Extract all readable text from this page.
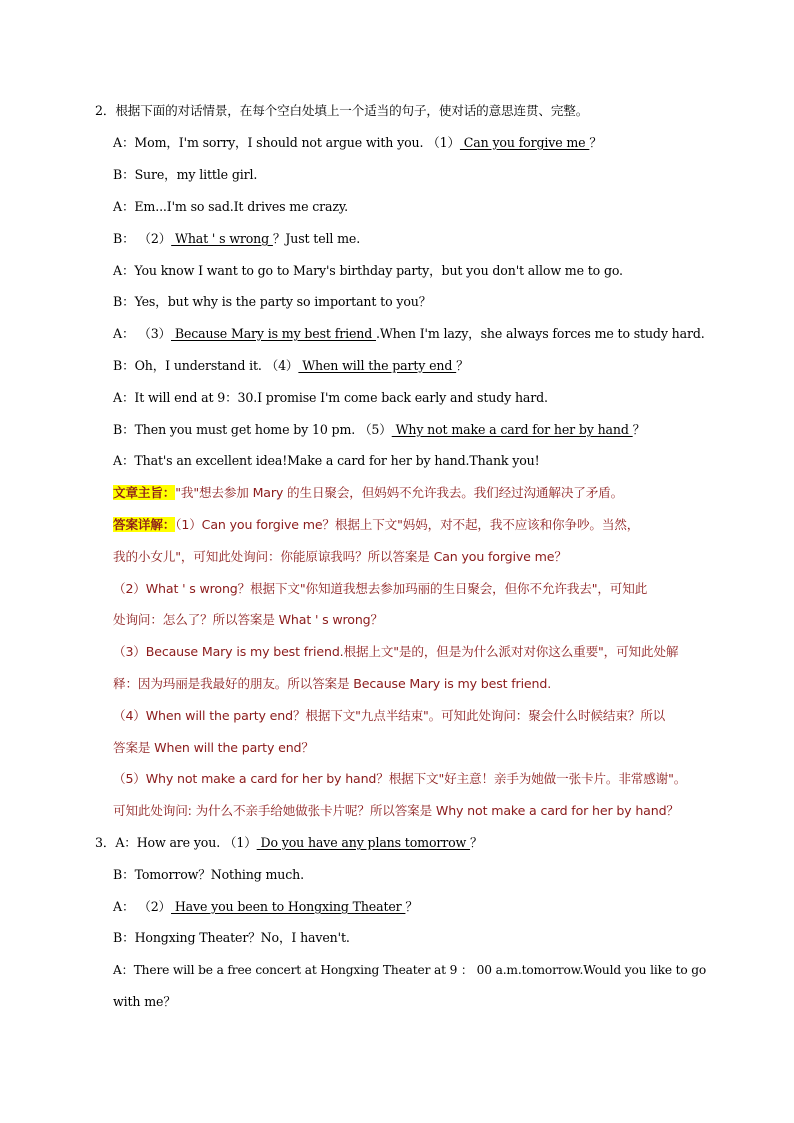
2．根据下面的对话情景，在每个空白处填上一个适当的句子，使对话的意思连贯、完整。
A：Mom，I'm sorry，I should not argue with you. （1） Can you forgive me ？
B：Sure，my little girl.
A：Em...I'm so sad.It drives me crazy.
B： （2） What ' s wrong ？Just tell me.
A：You know I want to go to Mary's birthday party，but you don't allow me to go.
B：Yes，but why is the party so important to you？
A： （3） Because Mary is my best friend .When I'm lazy，she always forces me to study hard.
B：Oh，I understand it. （4） When will the party end ？
A：It will end at 9：30.I promise I'm come back early and study hard.
B：Then you must get home by 10 pm. （5） Why not make a card for her by hand ？
A：That's an excellent idea!Make a card for her by hand.Thank you!
文章主旨："我"想去参加 Mary 的生日聚会，但妈妈不允许我去。我们经过沟通解决了矛盾。
答案详解：（1）Can you forgive me？根据上下文"妈妈，对不起，我不应该和你争吵。当然，
我的小女儿"，可知此处询问：你能原谅我吗？所以答案是 Can you forgive me？
（2）What ' s wrong？根据下文"你知道我想去参加玛丽的生日聚会，但你不允许我去"，可知此
处询问：怎么了？所以答案是 What ' s wrong？
（3）Because Mary is my best friend.根据上文"是的，但是为什么派对对你这么重要"，可知此处解
释：因为玛丽是我最好的朋友。所以答案是 Because Mary is my best friend.
（4）When will the party end？根据下文"九点半结束"。可知此处询问：聚会什么时候结束？所以
答案是 When will the party end？
（5）Why not make a card for her by hand？根据下文"好主意！亲手为她做一张卡片。非常感谢"。
可知此处询问: 为什么不亲手给她做张卡片呢？所以答案是 Why not make a card for her by hand？
3．A：How are you. （1） Do you have any plans tomorrow ？
B：Tomorrow？Nothing much.
A： （2） Have you been to Hongxing Theater ？
B：Hongxing Theater？No，I haven't.
A：There will be a free concert at Hongxing Theater at 9 ： 00 a.m.tomorrow.Would you like to go
with me？
